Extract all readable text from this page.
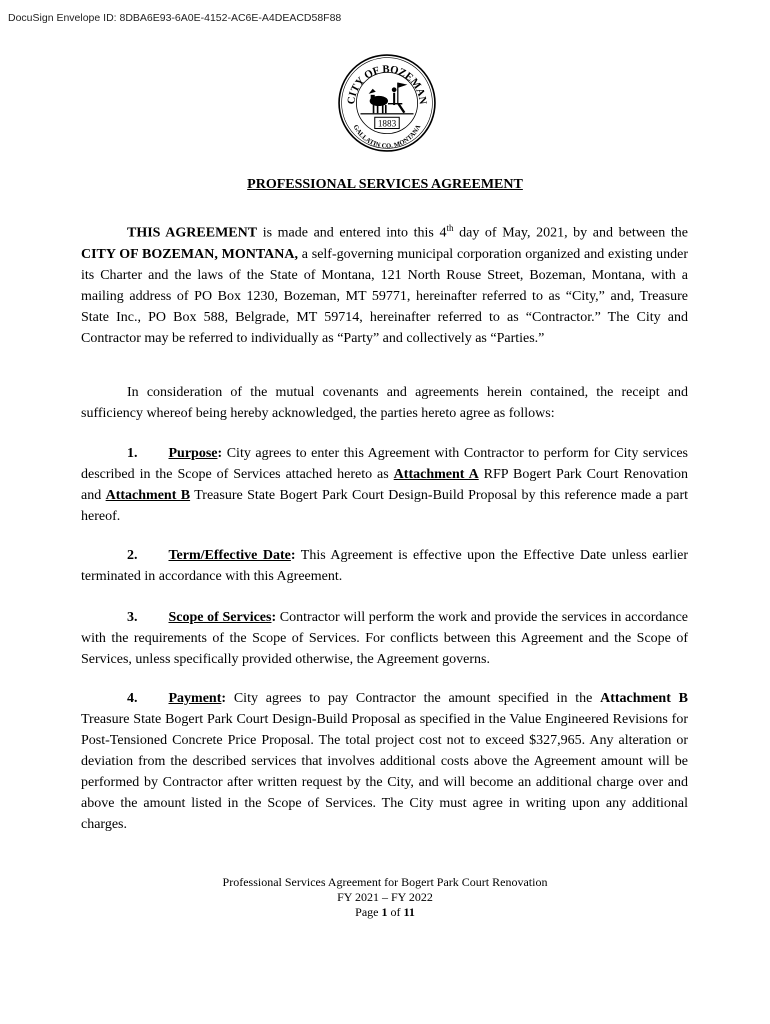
DocuSign Envelope ID: 8DBA6E93-6A0E-4152-AC6E-A4DEACD58F88
CITY OF BOZEMAN
GALLATIN CO. MONTANA
1883
PROFESSIONAL SERVICES AGREEMENT

THIS AGREEMENT is made and entered into this 4th day of May, 2021, by and between the CITY OF BOZEMAN, MONTANA, a self-governing municipal corporation organized and existing under its Charter and the laws of the State of Montana, 121 North Rouse Street, Bozeman, Montana, with a mailing address of PO Box 1230, Bozeman, MT 59771, hereinafter referred to as “City,” and, Treasure State Inc., PO Box 588, Belgrade, MT 59714, hereinafter referred to as “Contractor.” The City and Contractor may be referred to individually as “Party” and collectively as “Parties.”

In consideration of the mutual covenants and agreements herein contained, the receipt and sufficiency whereof being hereby acknowledged, the parties hereto agree as follows:

1. Purpose: City agrees to enter this Agreement with Contractor to perform for City services described in the Scope of Services attached hereto as Attachment A RFP Bogert Park Court Renovation and Attachment B Treasure State Bogert Park Court Design-Build Proposal by this reference made a part hereof.

2. Term/Effective Date: This Agreement is effective upon the Effective Date unless earlier terminated in accordance with this Agreement.

3. Scope of Services: Contractor will perform the work and provide the services in accordance with the requirements of the Scope of Services. For conflicts between this Agreement and the Scope of Services, unless specifically provided otherwise, the Agreement governs.

4. Payment: City agrees to pay Contractor the amount specified in the Attachment B Treasure State Bogert Park Court Design-Build Proposal as specified in the Value Engineered Revisions for Post-Tensioned Concrete Price Proposal. The total project cost not to exceed $327,965. Any alteration or deviation from the described services that involves additional costs above the Agreement amount will be performed by Contractor after written request by the City, and will become an additional charge over and above the amount listed in the Scope of Services. The City must agree in writing upon any additional charges.

Professional Services Agreement for Bogert Park Court Renovation
FY 2021 – FY 2022
Page 1 of 11
